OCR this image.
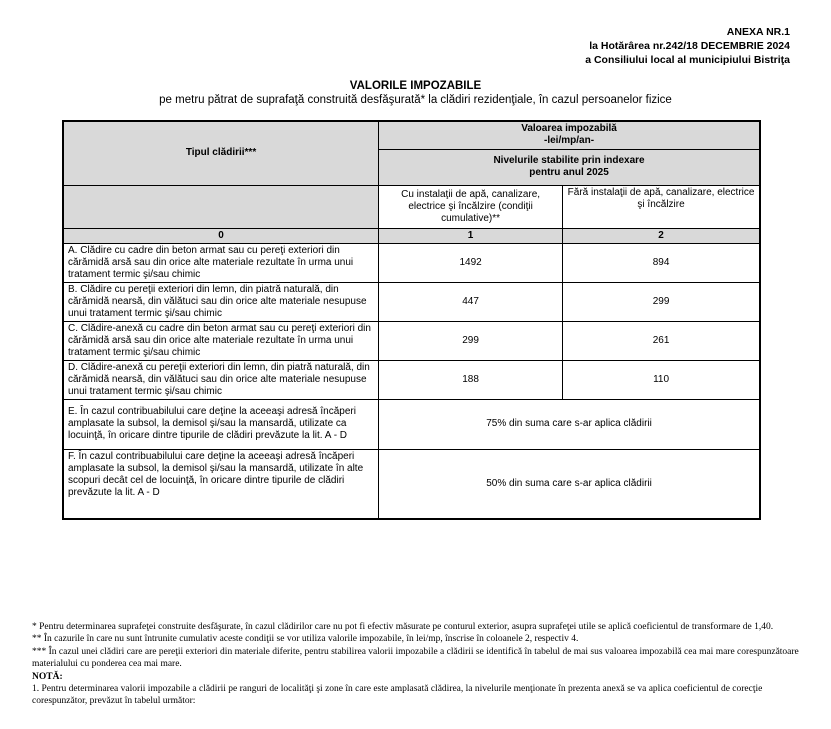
ANEXA NR.1
la Hotărârea nr.242/18 DECEMBRIE 2024
a Consiliului local al municipiului Bistriţa
VALORILE IMPOZABILE
pe metru pătrat de suprafaţă construită desfăşurată* la clădiri rezidenţiale, în cazul persoanelor fizice
Tipul clădirii***	Valoarea impozabilă
-lei/mp/an-	

	Nivelurile stabilite prin indexare
pentru anul 2025	

	Cu instalaţii de apă, canalizare, electrice şi încălzire (condiţii cumulative)**	Fără instalaţii de apă, canalizare, electrice şi încălzire
0	1	2
A. Clădire cu cadre din beton armat sau cu pereţi exteriori din cărămidă arsă sau din orice alte materiale rezultate în urma unui tratament termic şi/sau chimic	1492	894
B. Clădire cu pereţii exteriori din lemn, din piatră naturală, din cărămidă nearsă, din vălătuci sau din orice alte materiale nesupuse unui tratament termic şi/sau chimic	447	299
C. Clădire-anexă cu cadre din beton armat sau cu pereţi exteriori din cărămidă arsă sau din orice alte materiale rezultate în urma unui tratament termic şi/sau chimic	299	261
D. Clădire-anexă cu pereţii exteriori din lemn, din piatră naturală, din cărămidă nearsă, din vălătuci sau din orice alte materiale nesupuse unui tratament termic şi/sau chimic	188	110
E. În cazul contribuabilului care deţine la aceeaşi adresă încăperi amplasate la subsol, la demisol şi/sau la mansardă, utilizate ca locuinţă, în oricare dintre tipurile de clădiri prevăzute la lit. A - D	75% din suma care s-ar aplica clădirii	
F. În cazul contribuabilului care deţine la aceeaşi adresă încăperi amplasate la subsol, la demisol şi/sau la mansardă, utilizate în alte scopuri decât cel de locuinţă, în oricare dintre tipurile de clădiri prevăzute la lit. A - D	50% din suma care s-ar aplica clădirii	

* Pentru determinarea suprafeţei construite desfăşurate, în cazul clădirilor care nu pot fi efectiv măsurate pe conturul exterior, asupra suprafeţei utile se aplică coeficientul de transformare de 1,40.

** În cazurile în care nu sunt întrunite cumulativ aceste condiţii se vor utiliza valorile impozabile, în lei/mp, înscrise în coloanele 2, respectiv 4.

*** În cazul unei clădiri care are pereţii exteriori din materiale diferite, pentru stabilirea valorii impozabile a clădirii se identifică în tabelul de mai sus valoarea impozabilă cea mai mare corespunzătoare materialului cu ponderea cea mai mare.

NOTĂ:

1. Pentru determinarea valorii impozabile a clădirii pe ranguri de localităţi şi zone în care este amplasată clădirea, la nivelurile menţionate în prezenta anexă se va aplica coeficientul de corecţie corespunzător, prevăzut în tabelul următor:
